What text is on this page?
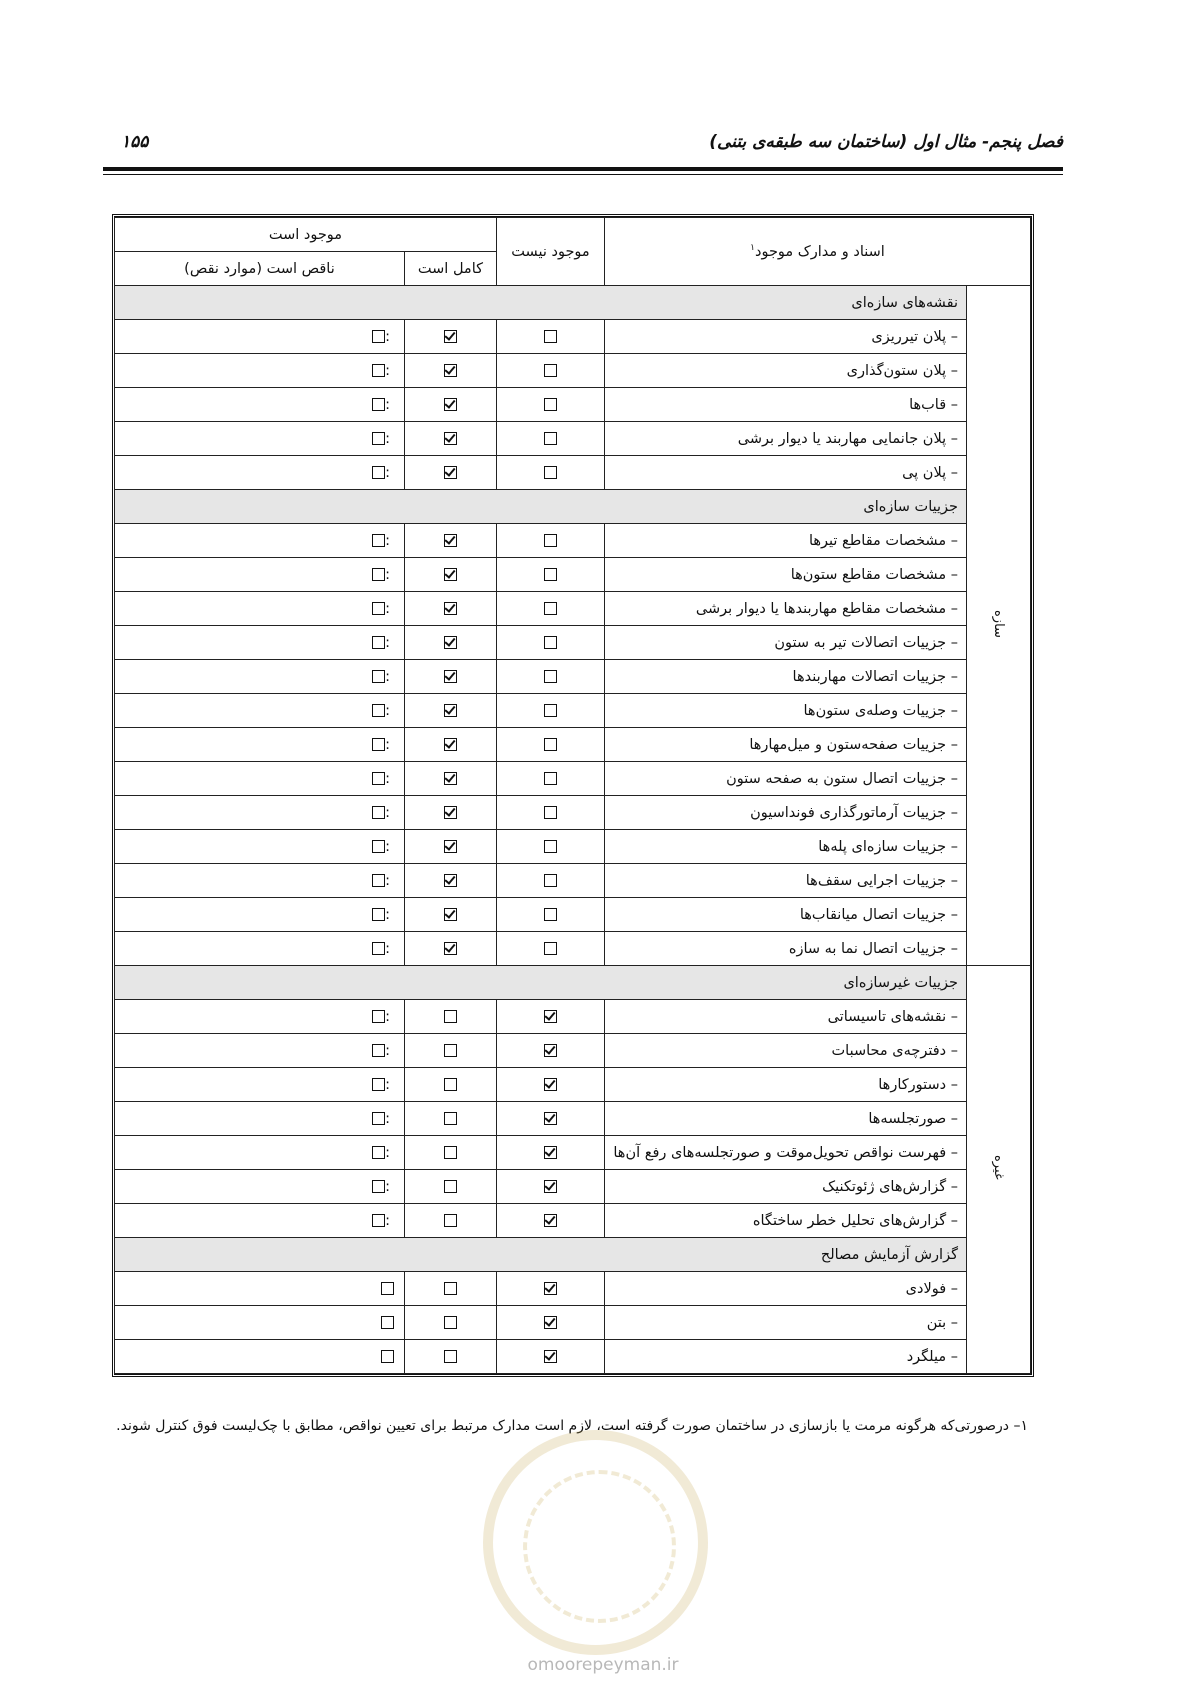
فصل پنجم- مثال اول (ساختمان سه طبقه‌ی بتنی)
۱۵۵
اسناد و مدارک موجود$^۱$		موجود نیست	موجود است	
			کامل است	ناقص است (موارد نقص)
سازه	نقشه‌های سازه‌ای			
	– پلان تیرریزی			:
	– پلان ستون‌گذاری			:
	– قاب‌ها			:
	– پلان جانمایی مهاربند یا دیوار برشی			:
	– پلان پی			:
	جزییات سازه‌ای			
	– مشخصات مقاطع تیرها			:
	– مشخصات مقاطع ستون‌ها			:
	– مشخصات مقاطع مهاربندها یا دیوار برشی			:
	– جزییات اتصالات تیر به ستون			:
	– جزییات اتصالات مهاربندها			:
	– جزییات وصله‌ی ستون‌ها			:
	– جزییات صفحه‌ستون و میل‌مهارها			:
	– جزییات اتصال ستون به صفحه ستون			:
	– جزییات آرماتورگذاری فونداسیون			:
	– جزییات سازه‌ای پله‌ها			:
	– جزییات اجرایی سقف‌ها			:
	– جزییات اتصال میانقاب‌ها			:
	– جزییات اتصال نما به سازه			:
غیره	جزییات غیرسازه‌ای			
	– نقشه‌های تاسیساتی			:
	– دفترچه‌ی محاسبات			:
	– دستورکارها			:
	– صورتجلسه‌ها			:
	– فهرست نواقص تحویل‌موقت و صورتجلسه‌های رفع آن‌ها			:
	– گزارش‌های ژئوتکنیک			:
	– گزارش‌های تحلیل خطر ساختگاه			:
	گزارش آزمایش مصالح			
	– فولادی			
	– بتن			
	– میلگرد			
۱– درصورتی‌که هرگونه مرمت یا بازسازی در ساختمان صورت گرفته است، لازم است مدارک مرتبط برای تعیین نواقص، مطابق با چک‌لیست فوق کنترل شوند.
omoorepeyman.ir
